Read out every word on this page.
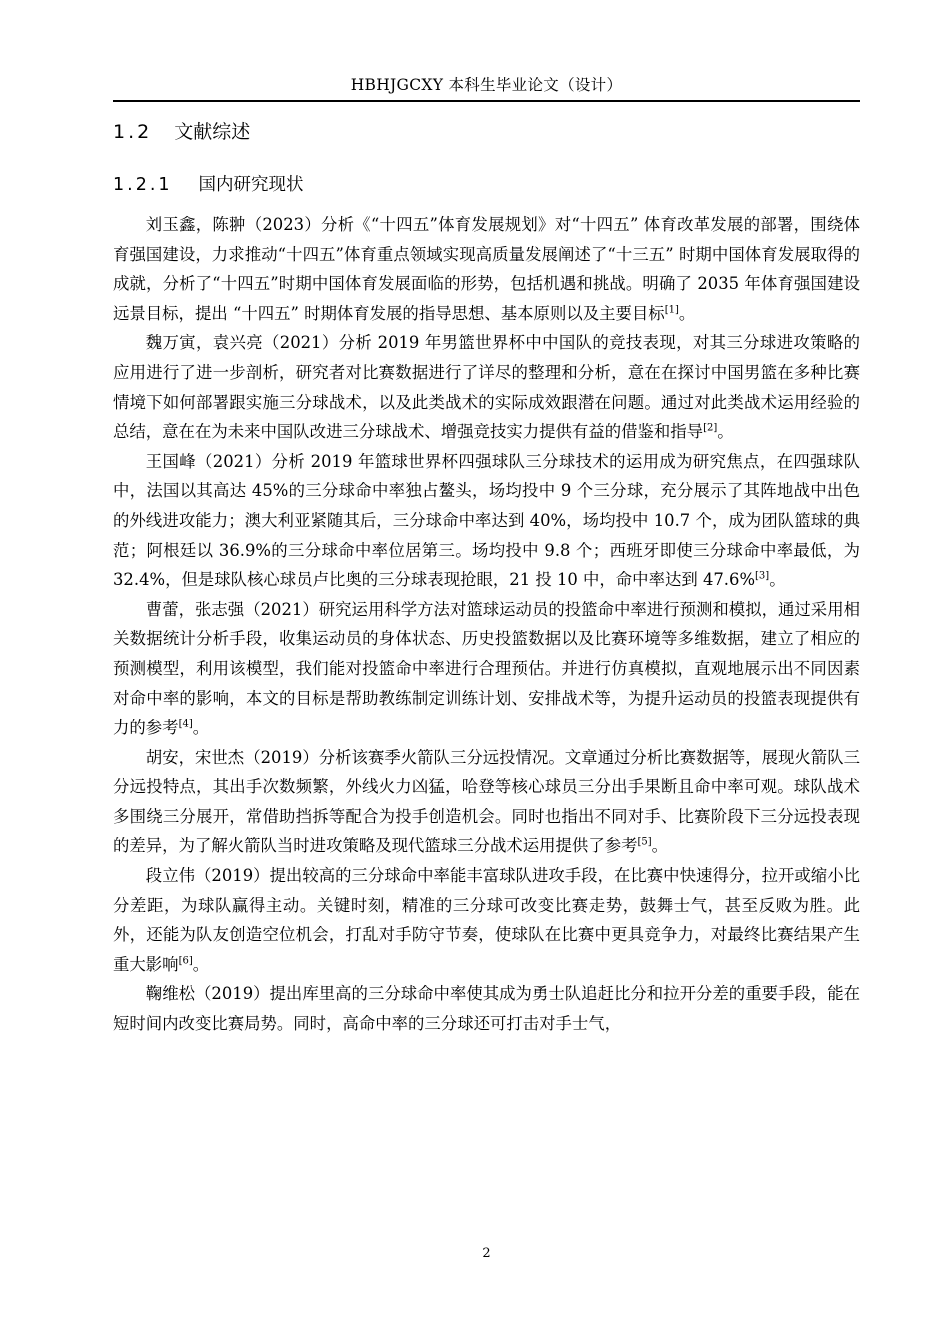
HBHJGCXY 本科生毕业论文（设计）
1.2 文献综述
1.2.1 国内研究现状

刘玉鑫，陈翀（2023）分析《“十四五”体育发展规划》对“十四五” 体育改革发展的部署，围绕体育强国建设，力求推动“十四五”体育重点领域实现高质量发展阐述了“十三五” 时期中国体育发展取得的成就，分析了“十四五”时期中国体育发展面临的形势，包括机遇和挑战。明确了 2035 年体育强国建设远景目标，提出 “十四五” 时期体育发展的指导思想、基本原则以及主要目标[1]。

魏万寅，袁兴亮（2021）分析 2019 年男篮世界杯中中国队的竞技表现，对其三分球进攻策略的应用进行了进一步剖析，研究者对比赛数据进行了详尽的整理和分析，意在在探讨中国男篮在多种比赛情境下如何部署跟实施三分球战术，以及此类战术的实际成效跟潜在问题。通过对此类战术运用经验的总结，意在在为未来中国队改进三分球战术、增强竞技实力提供有益的借鉴和指导[2]。

王国峰（2021）分析 2019 年篮球世界杯四强球队三分球技术的运用成为研究焦点，在四强球队中，法国以其高达 45%的三分球命中率独占鳌头，场均投中 9 个三分球，充分展示了其阵地战中出色的外线进攻能力；澳大利亚紧随其后，三分球命中率达到 40%，场均投中 10.7 个，成为团队篮球的典范；阿根廷以 36.9%的三分球命中率位居第三。场均投中 9.8 个；西班牙即使三分球命中率最低，为 32.4%，但是球队核心球员卢比奥的三分球表现抢眼，21 投 10 中，命中率达到 47.6%[3]。

曹蕾，张志强（2021）研究运用科学方法对篮球运动员的投篮命中率进行预测和模拟，通过采用相关数据统计分析手段，收集运动员的身体状态、历史投篮数据以及比赛环境等多维数据，建立了相应的预测模型，利用该模型，我们能对投篮命中率进行合理预估。并进行仿真模拟，直观地展示出不同因素对命中率的影响，本文的目标是帮助教练制定训练计划、安排战术等，为提升运动员的投篮表现提供有力的参考[4]。

胡安，宋世杰（2019）分析该赛季火箭队三分远投情况。文章通过分析比赛数据等，展现火箭队三分远投特点，其出手次数频繁，外线火力凶猛，哈登等核心球员三分出手果断且命中率可观。球队战术多围绕三分展开，常借助挡拆等配合为投手创造机会。同时也指出不同对手、比赛阶段下三分远投表现的差异，为了解火箭队当时进攻策略及现代篮球三分战术运用提供了参考[5]。

段立伟（2019）提出较高的三分球命中率能丰富球队进攻手段，在比赛中快速得分，拉开或缩小比分差距，为球队赢得主动。关键时刻，精准的三分球可改变比赛走势，鼓舞士气，甚至反败为胜。此外，还能为队友创造空位机会，打乱对手防守节奏，使球队在比赛中更具竞争力，对最终比赛结果产生重大影响[6]。

鞠维松（2019）提出库里高的三分球命中率使其成为勇士队追赶比分和拉开分差的重要手段，能在短时间内改变比赛局势。同时，高命中率的三分球还可打击对手士气，

2
